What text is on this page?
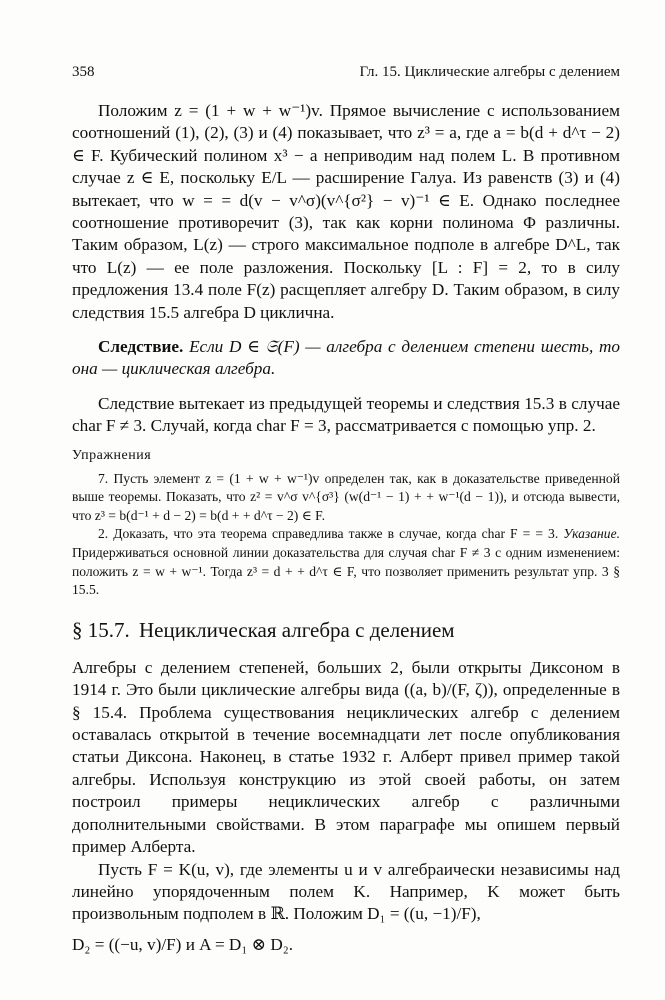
358	Гл. 15. Циклические алгебры с делением

Положим z = (1 + w + w⁻¹)v. Прямое вычисление с использованием соотношений (1), (2), (3) и (4) показывает, что z³ = a, где a = b(d + d^τ − 2) ∈ F. Кубический полином x³ − a неприводим над полем L. В противном случае z ∈ E, поскольку E/L — расширение Галуа. Из равенств (3) и (4) вытекает, что w = = d(v − v^σ)(v^{σ²} − v)⁻¹ ∈ E. Однако последнее соотношение противоречит (3), так как корни полинома Φ различны. Таким образом, L(z) — строго максимальное подполе в алгебре D^L, так что L(z) — ее поле разложения. Поскольку [L : F] = 2, то в силу предложения 13.4 поле F(z) расщепляет алгебру D. Таким образом, в силу следствия 15.5 алгебра D циклична.

Следствие. Если D ∈ 𝔖(F) — алгебра с делением степени шесть, то она — циклическая алгебра.

Следствие вытекает из предыдущей теоремы и следствия 15.3 в случае char F ≠ 3. Случай, когда char F = 3, рассматривается с помощью упр. 2.

Упражнения

7. Пусть элемент z = (1 + w + w⁻¹)v определен так, как в доказательстве приведенной выше теоремы. Показать, что z² = v^σ v^{σ³} (w(d⁻¹ − 1) + + w⁻¹(d − 1)), и отсюда вывести, что z³ = b(d⁻¹ + d − 2) = b(d + + d^τ − 2) ∈ F.

2. Доказать, что эта теорема справедлива также в случае, когда char F = = 3. Указание. Придерживаться основной линии доказательства для случая char F ≠ 3 с одним изменением: положить z = w + w⁻¹. Тогда z³ = d + + d^τ ∈ F, что позволяет применить результат упр. 3 § 15.5.

§ 15.7. Нециклическая алгебра с делением

Алгебры с делением степеней, больших 2, были открыты Диксоном в 1914 г. Это были циклические алгебры вида ((a, b)/(F, ζ)), определенные в § 15.4. Проблема существования нециклических алгебр с делением оставалась открытой в течение восемнадцати лет после опубликования статьи Диксона. Наконец, в статье 1932 г. Алберт привел пример такой алгебры. Используя конструкцию из этой своей работы, он затем построил примеры нециклических алгебр с различными дополнительными свойствами. В этом параграфе мы опишем первый пример Алберта.

Пусть F = K(u, v), где элементы u и v алгебраически независимы над линейно упорядоченным полем K. Например, K может быть произвольным подполем в ℝ. Положим D₁ = ((u, −1)/F),

D₂ = ((−u, v)/F) и A = D₁ ⊗ D₂.
